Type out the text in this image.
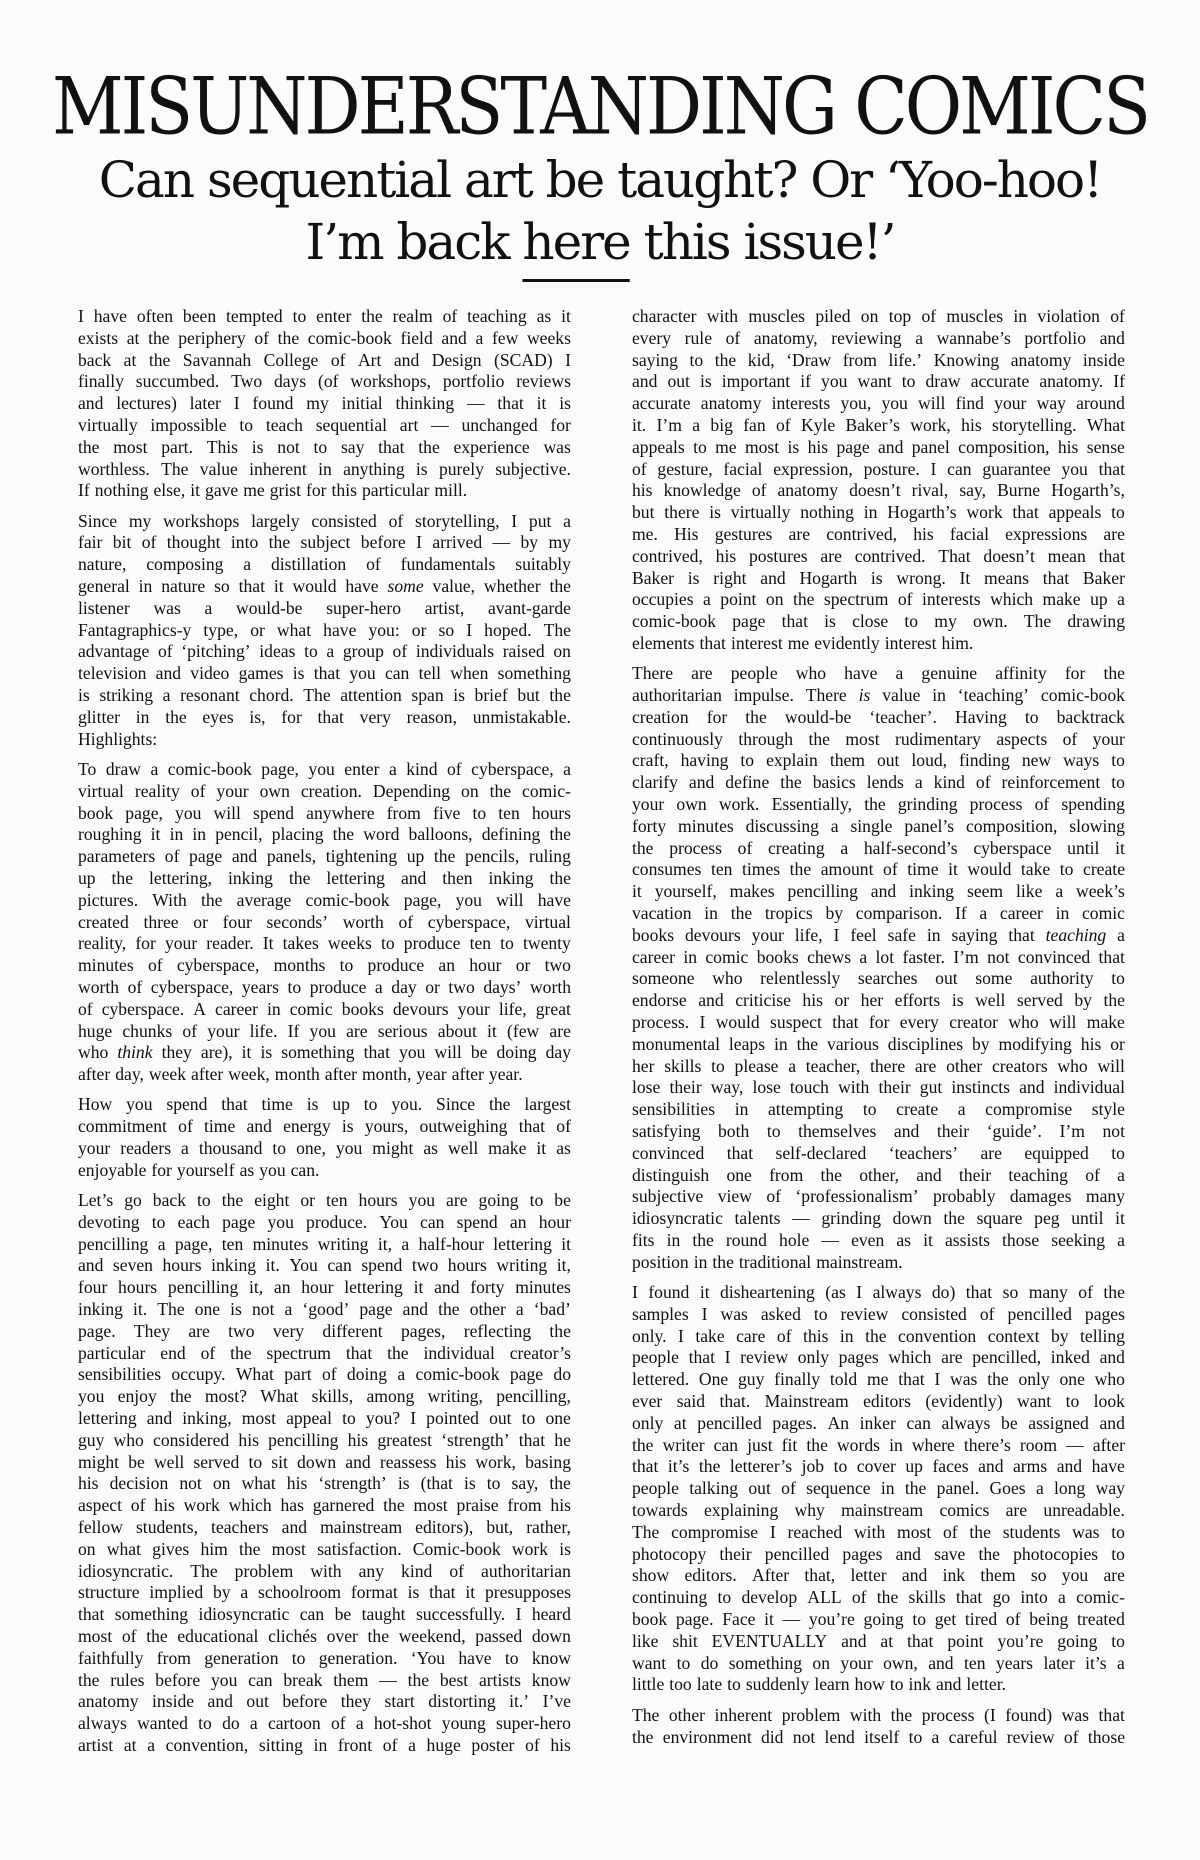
MISUNDERSTANDING COMICS
Can sequential art be taught? Or ‘Yoo-hoo!
I’m back here this issue!’
I have often been tempted to enter the realm of teaching as it
exists at the periphery of the comic-book field and a few weeks
back at the Savannah College of Art and Design (SCAD) I
finally succumbed. Two days (of workshops, portfolio reviews
and lectures) later I found my initial thinking — that it is
virtually impossible to teach sequential art — unchanged for
the most part. This is not to say that the experience was
worthless. The value inherent in anything is purely subjective.
If nothing else, it gave me grist for this particular mill.
Since my workshops largely consisted of storytelling, I put a
fair bit of thought into the subject before I arrived — by my
nature, composing a distillation of fundamentals suitably
general in nature so that it would have some value, whether the
listener was a would-be super-hero artist, avant-garde
Fantagraphics-y type, or what have you: or so I hoped. The
advantage of ‘pitching’ ideas to a group of individuals raised on
television and video games is that you can tell when something
is striking a resonant chord. The attention span is brief but the
glitter in the eyes is, for that very reason, unmistakable.
Highlights:
To draw a comic-book page, you enter a kind of cyberspace, a
virtual reality of your own creation. Depending on the comic-
book page, you will spend anywhere from five to ten hours
roughing it in in pencil, placing the word balloons, defining the
parameters of page and panels, tightening up the pencils, ruling
up the lettering, inking the lettering and then inking the
pictures. With the average comic-book page, you will have
created three or four seconds’ worth of cyberspace, virtual
reality, for your reader. It takes weeks to produce ten to twenty
minutes of cyberspace, months to produce an hour or two
worth of cyberspace, years to produce a day or two days’ worth
of cyberspace. A career in comic books devours your life, great
huge chunks of your life. If you are serious about it (few are
who think they are), it is something that you will be doing day
after day, week after week, month after month, year after year.
How you spend that time is up to you. Since the largest
commitment of time and energy is yours, outweighing that of
your readers a thousand to one, you might as well make it as
enjoyable for yourself as you can.
Let’s go back to the eight or ten hours you are going to be
devoting to each page you produce. You can spend an hour
pencilling a page, ten minutes writing it, a half-hour lettering it
and seven hours inking it. You can spend two hours writing it,
four hours pencilling it, an hour lettering it and forty minutes
inking it. The one is not a ‘good’ page and the other a ‘bad’
page. They are two very different pages, reflecting the
particular end of the spectrum that the individual creator’s
sensibilities occupy. What part of doing a comic-book page do
you enjoy the most? What skills, among writing, pencilling,
lettering and inking, most appeal to you? I pointed out to one
guy who considered his pencilling his greatest ‘strength’ that he
might be well served to sit down and reassess his work, basing
his decision not on what his ‘strength’ is (that is to say, the
aspect of his work which has garnered the most praise from his
fellow students, teachers and mainstream editors), but, rather,
on what gives him the most satisfaction. Comic-book work is
idiosyncratic. The problem with any kind of authoritarian
structure implied by a schoolroom format is that it presupposes
that something idiosyncratic can be taught successfully. I heard
most of the educational clichés over the weekend, passed down
faithfully from generation to generation. ‘You have to know
the rules before you can break them — the best artists know
anatomy inside and out before they start distorting it.’ I’ve
always wanted to do a cartoon of a hot-shot young super-hero
artist at a convention, sitting in front of a huge poster of his
character with muscles piled on top of muscles in violation of
every rule of anatomy, reviewing a wannabe’s portfolio and
saying to the kid, ‘Draw from life.’ Knowing anatomy inside
and out is important if you want to draw accurate anatomy. If
accurate anatomy interests you, you will find your way around
it. I’m a big fan of Kyle Baker’s work, his storytelling. What
appeals to me most is his page and panel composition, his sense
of gesture, facial expression, posture. I can guarantee you that
his knowledge of anatomy doesn’t rival, say, Burne Hogarth’s,
but there is virtually nothing in Hogarth’s work that appeals to
me. His gestures are contrived, his facial expressions are
contrived, his postures are contrived. That doesn’t mean that
Baker is right and Hogarth is wrong. It means that Baker
occupies a point on the spectrum of interests which make up a
comic-book page that is close to my own. The drawing
elements that interest me evidently interest him.
There are people who have a genuine affinity for the
authoritarian impulse. There is value in ‘teaching’ comic-book
creation for the would-be ‘teacher’. Having to backtrack
continuously through the most rudimentary aspects of your
craft, having to explain them out loud, finding new ways to
clarify and define the basics lends a kind of reinforcement to
your own work. Essentially, the grinding process of spending
forty minutes discussing a single panel’s composition, slowing
the process of creating a half-second’s cyberspace until it
consumes ten times the amount of time it would take to create
it yourself, makes pencilling and inking seem like a week’s
vacation in the tropics by comparison. If a career in comic
books devours your life, I feel safe in saying that teaching a
career in comic books chews a lot faster. I’m not convinced that
someone who relentlessly searches out some authority to
endorse and criticise his or her efforts is well served by the
process. I would suspect that for every creator who will make
monumental leaps in the various disciplines by modifying his or
her skills to please a teacher, there are other creators who will
lose their way, lose touch with their gut instincts and individual
sensibilities in attempting to create a compromise style
satisfying both to themselves and their ‘guide’. I’m not
convinced that self-declared ‘teachers’ are equipped to
distinguish one from the other, and their teaching of a
subjective view of ‘professionalism’ probably damages many
idiosyncratic talents — grinding down the square peg until it
fits in the round hole — even as it assists those seeking a
position in the traditional mainstream.
I found it disheartening (as I always do) that so many of the
samples I was asked to review consisted of pencilled pages
only. I take care of this in the convention context by telling
people that I review only pages which are pencilled, inked and
lettered. One guy finally told me that I was the only one who
ever said that. Mainstream editors (evidently) want to look
only at pencilled pages. An inker can always be assigned and
the writer can just fit the words in where there’s room — after
that it’s the letterer’s job to cover up faces and arms and have
people talking out of sequence in the panel. Goes a long way
towards explaining why mainstream comics are unreadable.
The compromise I reached with most of the students was to
photocopy their pencilled pages and save the photocopies to
show editors. After that, letter and ink them so you are
continuing to develop ALL of the skills that go into a comic-
book page. Face it — you’re going to get tired of being treated
like shit EVENTUALLY and at that point you’re going to
want to do something on your own, and ten years later it’s a
little too late to suddenly learn how to ink and letter.
The other inherent problem with the process (I found) was that
the environment did not lend itself to a careful review of those
